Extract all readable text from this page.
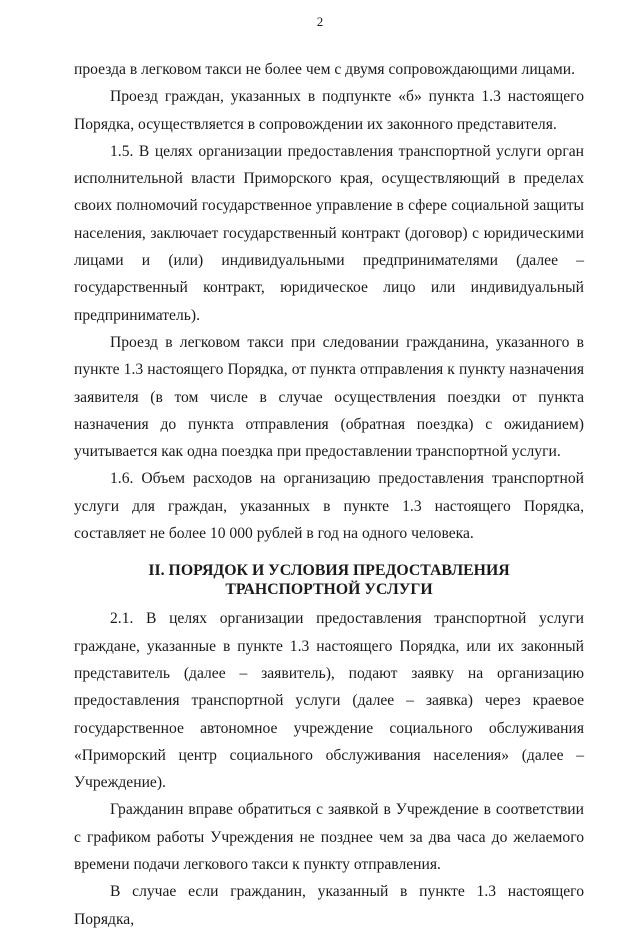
2

проезда в легковом такси не более чем с двумя сопровождающими лицами.

Проезд граждан, указанных в подпункте «б» пункта 1.3 настоящего Порядка, осуществляется в сопровождении их законного представителя.

1.5. В целях организации предоставления транспортной услуги орган исполнительной власти Приморского края, осуществляющий в пределах своих полномочий государственное управление в сфере социальной защиты населения, заключает государственный контракт (договор) с юридическими лицами и (или) индивидуальными предпринимателями (далее – государственный контракт, юридическое лицо или индивидуальный предприниматель).

Проезд в легковом такси при следовании гражданина, указанного в пункте 1.3 настоящего Порядка, от пункта отправления к пункту назначения заявителя (в том числе в случае осуществления поездки от пункта назначения до пункта отправления (обратная поездка) с ожиданием) учитывается как одна поездка при предоставлении транспортной услуги.

1.6. Объем расходов на организацию предоставления транспортной услуги для граждан, указанных в пункте 1.3 настоящего Порядка, составляет не более 10 000 рублей в год на одного человека.

II. ПОРЯДОК И УСЛОВИЯ ПРЕДОСТАВЛЕНИЯ
ТРАНСПОРТНОЙ УСЛУГИ

2.1. В целях организации предоставления транспортной услуги граждане, указанные в пункте 1.3 настоящего Порядка, или их законный представитель (далее – заявитель), подают заявку на организацию предоставления транспортной услуги (далее – заявка) через краевое государственное автономное учреждение социального обслуживания «Приморский центр социального обслуживания населения» (далее – Учреждение).

Гражданин вправе обратиться с заявкой в Учреждение в соответствии с графиком работы Учреждения не позднее чем за два часа до желаемого времени подачи легкового такси к пункту отправления.

В случае если гражданин, указанный в пункте 1.3 настоящего Порядка,
